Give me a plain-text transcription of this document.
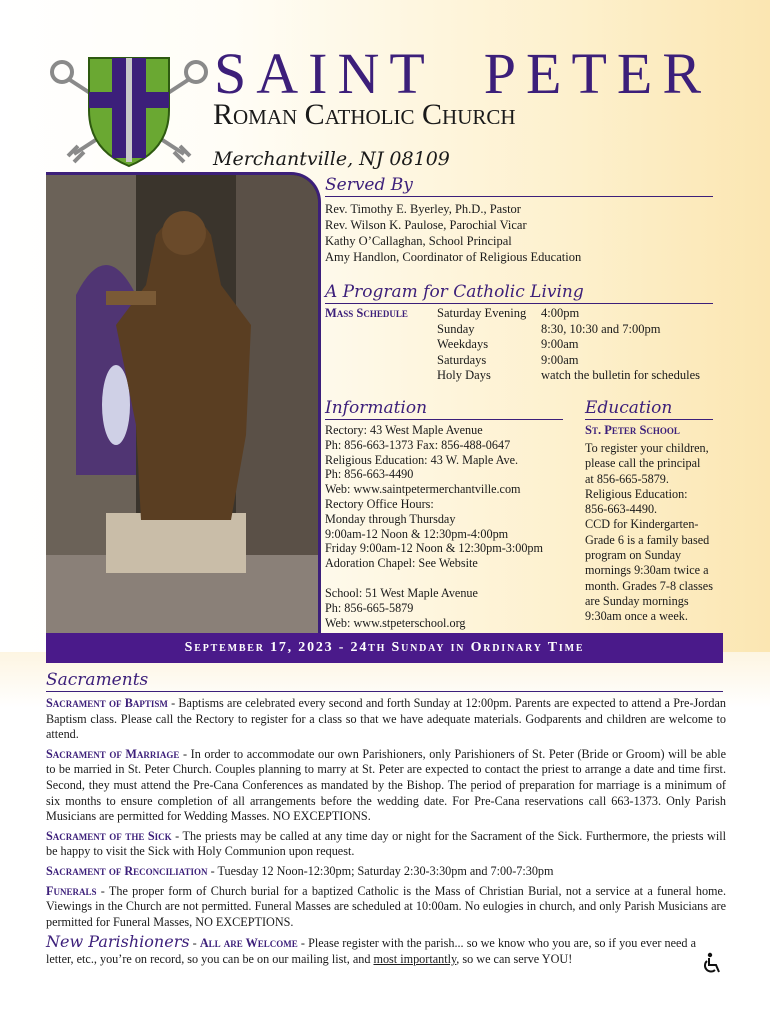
SAINT PETER
Roman Catholic Church
Merchantville, NJ 08109
Served By
Rev. Timothy E. Byerley, Ph.D., Pastor
Rev. Wilson K. Paulose, Parochial Vicar
Kathy O’Callaghan, School Principal
Amy Handlon, Coordinator of Religious Education
A Program for Catholic Living
Mass Schedule Saturday Evening	4:00pm
Sunday	8:30, 10:30 and 7:00pm
Weekdays	9:00am
Saturdays	9:00am
Holy Days	watch the bulletin for schedules
Information
Rectory: 43 West Maple Avenue
Ph: 856-663-1373 Fax: 856-488-0647
Religious Education: 43 W. Maple Ave.
Ph: 856-663-4490
Web: www.saintpetermerchantville.com
Rectory Office Hours:
Monday through Thursday
9:00am-12 Noon & 12:30pm-4:00pm
Friday 9:00am-12 Noon & 12:30pm-3:00pm
Adoration Chapel: See Website
School: 51 West Maple Avenue
Ph: 856-665-5879
Web: www.stpeterschool.org
Education
St. Peter School
To register your children,
please call the principal
at 856-665-5879.
Religious Education:
856-663-4490.
CCD for Kindergarten-
Grade 6 is a family based
program on Sunday
mornings 9:30am twice a
month. Grades 7-8 classes
are Sunday mornings
9:30am once a week.
September 17, 2023 - 24th Sunday in Ordinary Time
Sacraments

Sacrament of Baptism - Baptisms are celebrated every second and forth Sunday at 12:00pm. Parents are expected to attend a Pre-Jordan Baptism class. Please call the Rectory to register for a class so that we have adequate materials. Godparents and children are welcome to attend.

Sacrament of Marriage - In order to accommodate our own Parishioners, only Parishioners of St. Peter (Bride or Groom) will be able to be married in St. Peter Church. Couples planning to marry at St. Peter are expected to contact the priest to arrange a date and time first. Second, they must attend the Pre-Cana Conferences as mandated by the Bishop. The period of preparation for marriage is a minimum of six months to ensure completion of all arrangements before the wedding date. For Pre-Cana reservations call 663-1373. Only Parish Musicians are permitted for Wedding Masses. NO EXCEPTIONS.

Sacrament of the Sick - The priests may be called at any time day or night for the Sacrament of the Sick. Furthermore, the priests will be happy to visit the Sick with Holy Communion upon request.

Sacrament of Reconciliation - Tuesday 12 Noon-12:30pm; Saturday 2:30-3:30pm and 7:00-7:30pm

Funerals - The proper form of Church burial for a baptized Catholic is the Mass of Christian Burial, not a service at a funeral home. Viewings in the Church are not permitted. Funeral Masses are scheduled at 10:00am. No eulogies in church, and only Parish Musicians are permitted for Funeral Masses, NO EXCEPTIONS.

New Parishioners - All are Welcome - Please register with the parish... so we know who you are, so if you ever need a letter, etc., you’re on record, so you can be on our mailing list, and most importantly, so we can serve YOU!
